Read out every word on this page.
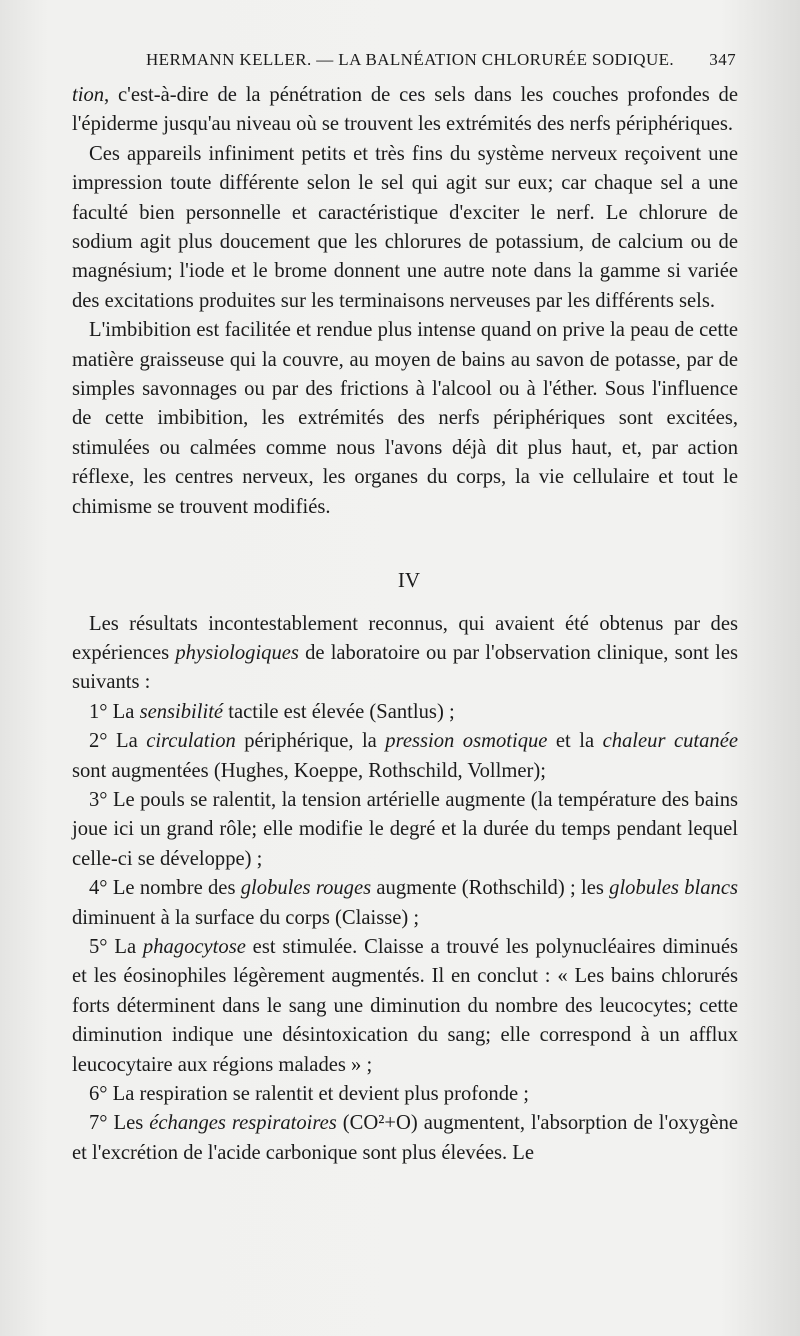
HERMANN KELLER. — LA BALNÉATION CHLORURÉE SODIQUE. 347

tion, c'est-à-dire de la pénétration de ces sels dans les couches profondes de l'épiderme jusqu'au niveau où se trouvent les extrémités des nerfs périphériques.

Ces appareils infiniment petits et très fins du système nerveux reçoivent une impression toute différente selon le sel qui agit sur eux; car chaque sel a une faculté bien personnelle et caractéristique d'exciter le nerf. Le chlorure de sodium agit plus doucement que les chlorures de potassium, de calcium ou de magnésium; l'iode et le brome donnent une autre note dans la gamme si variée des excitations produites sur les terminaisons nerveuses par les différents sels.

L'imbibition est facilitée et rendue plus intense quand on prive la peau de cette matière graisseuse qui la couvre, au moyen de bains au savon de potasse, par de simples savonnages ou par des frictions à l'alcool ou à l'éther. Sous l'influence de cette imbibition, les extrémités des nerfs périphériques sont excitées, stimulées ou calmées comme nous l'avons déjà dit plus haut, et, par action réflexe, les centres nerveux, les organes du corps, la vie cellulaire et tout le chimisme se trouvent modifiés.

IV

Les résultats incontestablement reconnus, qui avaient été obtenus par des expériences physiologiques de laboratoire ou par l'observation clinique, sont les suivants :

1° La sensibilité tactile est élevée (Santlus) ;

2° La circulation périphérique, la pression osmotique et la chaleur cutanée sont augmentées (Hughes, Koeppe, Rothschild, Vollmer);

3° Le pouls se ralentit, la tension artérielle augmente (la température des bains joue ici un grand rôle; elle modifie le degré et la durée du temps pendant lequel celle-ci se développe) ;

4° Le nombre des globules rouges augmente (Rothschild) ; les globules blancs diminuent à la surface du corps (Claisse) ;

5° La phagocytose est stimulée. Claisse a trouvé les polynucléaires diminués et les éosinophiles légèrement augmentés. Il en conclut : « Les bains chlorurés forts déterminent dans le sang une diminution du nombre des leucocytes; cette diminution indique une désintoxication du sang; elle correspond à un afflux leucocytaire aux régions malades » ;

6° La respiration se ralentit et devient plus profonde ;

7° Les échanges respiratoires (CO²+O) augmentent, l'absorption de l'oxygène et l'excrétion de l'acide carbonique sont plus élevées. Le
